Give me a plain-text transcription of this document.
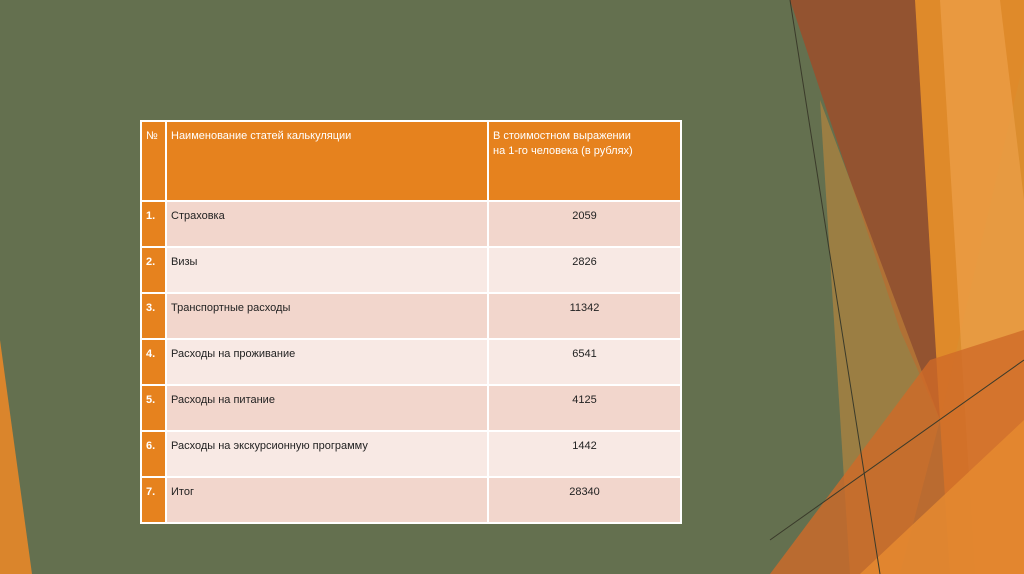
№	Наименование статей калькуляции	В стоимостном выражении
на 1-го человека (в рублях)

1.	Страховка	2059
2.	Визы	2826
3.	Транспортные расходы	11342
4.	Расходы на проживание	6541
5.	Расходы на питание	4125
6.	Расходы на экскурсионную программу	1442
7.	Итог	28340
